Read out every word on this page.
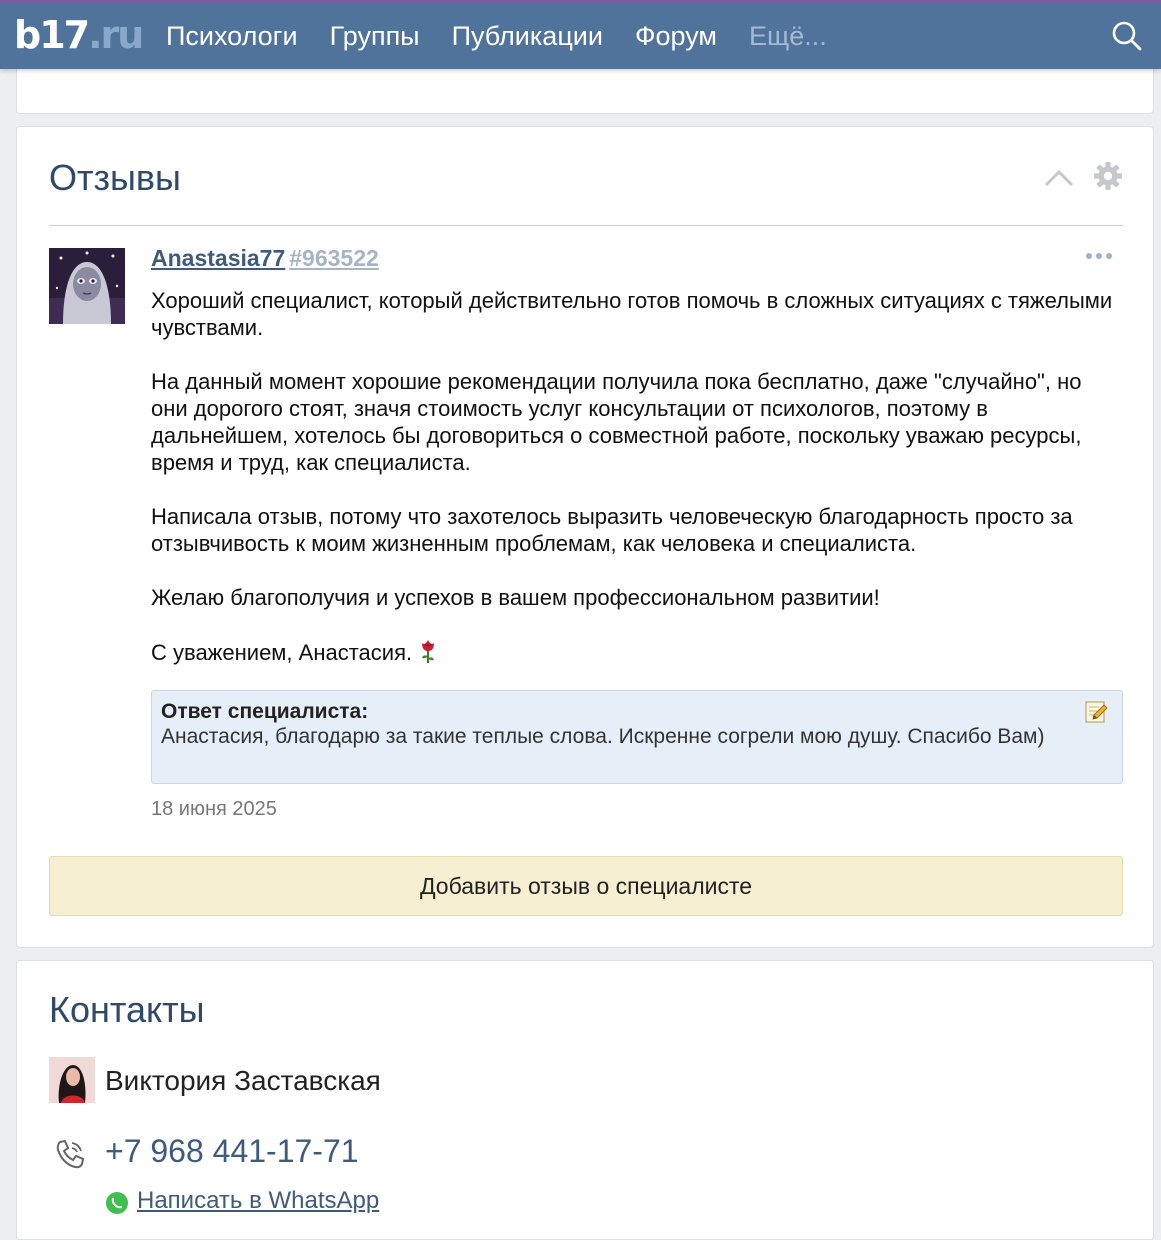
b17.ru Психологи Группы Публикации Форум Ещё...
Отзывы
Anastasia77 #963522

Хороший специалист, который действительно готов помочь в сложных ситуациях с тяжелыми чувствами.

На данный момент хорошие рекомендации получила пока бесплатно, даже "случайно", но они дорогого стоят, значя стоимость услуг консультации от психологов, поэтому в дальнейшем, хотелось бы договориться о совместной работе, поскольку уважаю ресурсы, время и труд, как специалиста.

Написала отзыв, потому что захотелось выразить человеческую благодарность просто за отзывчивость к моим жизненным проблемам, как человека и специалиста.

Желаю благополучия и успехов в вашем профессиональном развитии!

С уважением, Анастасия.

Ответ специалиста:
Анастасия, благодарю за такие теплые слова. Искренне согрели мою душу. Спасибо Вам)
18 июня 2025
Добавить отзыв о специалисте
Контакты
Виктория Заставская
+7 968 441-17-71
Написать в WhatsApp
